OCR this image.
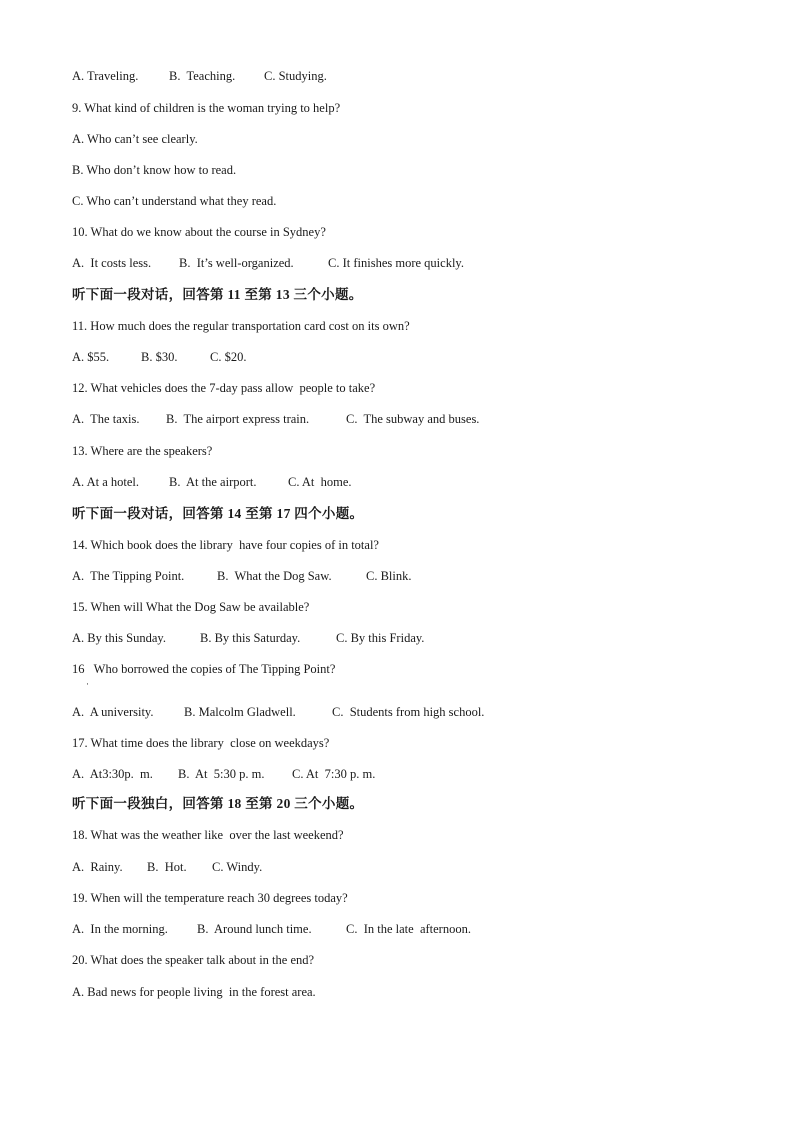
A. Traveling. B.  Teaching. C. Studying.
9. What kind of children is the woman trying to help?
A. Who can’t see clearly.
B. Who don’t know how to read.
C. Who can’t understand what they read.
10. What do we know about the course in Sydney?
A.  It costs less. B.  It’s well-organized.	C. It finishes more quickly.
听下面一段对话，回答第 11 至第 13 三个小题。
11. How much does the regular transportation card cost on its own?
A. $55.	B. $30.	C. $20.
12. What vehicles does the 7-day pass allow  people to take?
A.  The taxis. B.  The airport express train.	C.  The subway and buses.
13. Where are the speakers?
A. At a hotel. B.  At the airport.	C. At  home.
听下面一段对话，回答第 14 至第 17 四个小题。
14. Which book does the library  have four copies of in total?
A.  The Tipping Point.	B.  What the Dog Saw.	C. Blink.
15. When will What the Dog Saw be available?
A. By this Sunday.	B. By this Saturday.	C. By this Friday.
16   Who borrowed the copies of The Tipping Point?
A.  A university. B. Malcolm Gladwell.	C.  Students from high school.
17. What time does the library  close on weekdays?
A.  At3:30p.  m. B.  At  5:30 p. m. C. At  7:30 p. m.
听下面一段独白，回答第 18 至第 20 三个小题。
18. What was the weather like  over the last weekend?
A.  Rainy. B.  Hot. C. Windy.
19. When will the temperature reach 30 degrees today?
A.  In the morning. B.  Around lunch time.	C.  In the late  afternoon.
20. What does the speaker talk about in the end?
A. Bad news for people living  in the forest area.
·
